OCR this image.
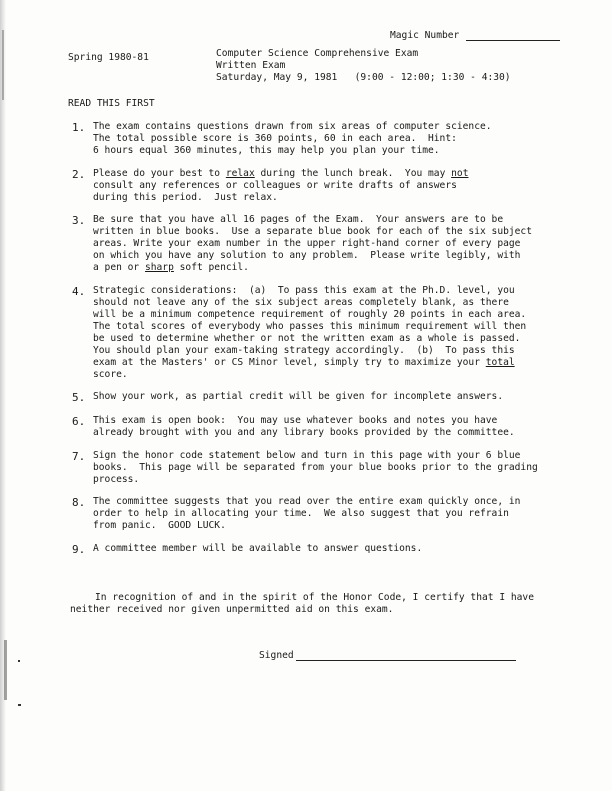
Magic Number
Spring 1980-81	Computer Science Comprehensive Exam
Written Exam
Saturday, May 9, 1981   (9:00 - 12:00; 1:30 - 4:30)
READ THIS FIRST
1. The exam contains questions drawn from six areas of computer science.
The total possible score is 360 points, 60 in each area.  Hint:
6 hours equal 360 minutes, this may help you plan your time.
2. Please do your best to relax during the lunch break.  You may not
consult any references or colleagues or write drafts of answers
during this period.  Just relax.
3. Be sure that you have all 16 pages of the Exam.  Your answers are to be
written in blue books.  Use a separate blue book for each of the six subject
areas. Write your exam number in the upper right-hand corner of every page
on which you have any solution to any problem.  Please write legibly, with
a pen or sharp soft pencil.
4. Strategic considerations:  (a)  To pass this exam at the Ph.D. level, you
should not leave any of the six subject areas completely blank, as there
will be a minimum competence requirement of roughly 20 points in each area.
The total scores of everybody who passes this minimum requirement will then
be used to determine whether or not the written exam as a whole is passed.
You should plan your exam-taking strategy accordingly.  (b)  To pass this
exam at the Masters' or CS Minor level, simply try to maximize your total
score.
5. Show your work, as partial credit will be given for incomplete answers.
6. This exam is open book:  You may use whatever books and notes you have
already brought with you and any library books provided by the committee.
7. Sign the honor code statement below and turn in this page with your 6 blue
books.  This page will be separated from your blue books prior to the grading
process.
8. The committee suggests that you read over the entire exam quickly once, in
order to help in allocating your time.  We also suggest that you refrain
from panic.  GOOD LUCK.
9. A committee member will be available to answer questions.
In recognition of and in the spirit of the Honor Code, I certify that I have
neither received nor given unpermitted aid on this exam.
Signed
